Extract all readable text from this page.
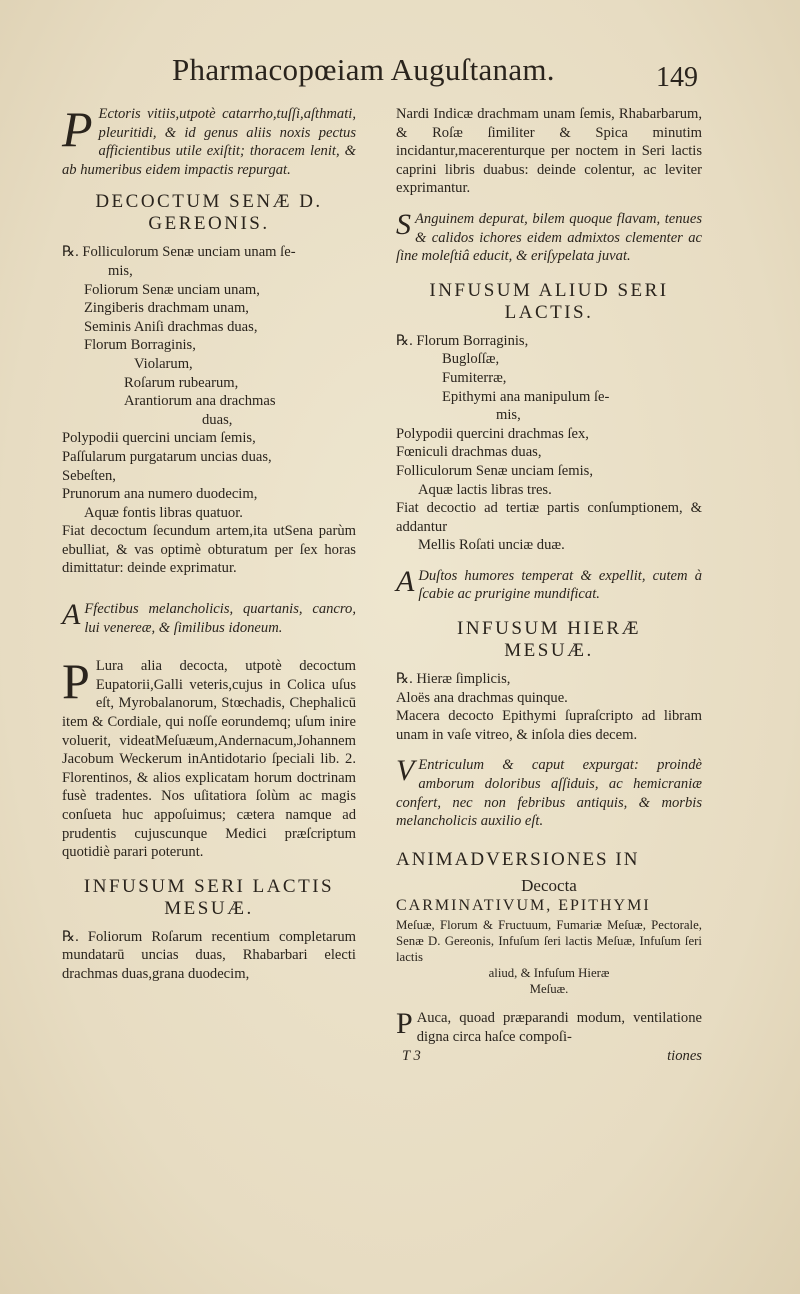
Pharmacopœiam Auguſtanam.	149
P Ectoris vitiis,utpotè catarrho,tuſſi,aſthmati, pleuritidi, & id genus aliis noxis pectus afficientibus utile exiſtit; thoracem lenit, & ab humeribus eidem impactis repurgat.
DECOCTUM SENÆ D.
GEREONIS.
℞. Folliculorum Senæ unciam unam ſe-
mis,
Foliorum Senæ unciam unam,
Zingiberis drachmam unam,
Seminis Aniſi drachmas duas,
Florum Borraginis,
Violarum,
Roſarum rubearum,
Arantiorum ana drachmas
duas,
Polypodii quercini unciam ſemis,
Paſſularum purgatarum uncias duas,
Sebeſten,
Prunorum ana numero duodecim,
Aquæ fontis libras quatuor.
Fiat decoctum ſecundum artem,ita utSena parùm ebulliat, & vas optimè obturatum per ſex horas dimittatur: deinde exprimatur.
A Ffectibus melancholicis, quartanis, cancro, lui venereæ, & ſimilibus idoneum.
P Lura alia decocta, utpotè decoctum Eupatorii,Galli veteris,cujus in Colica uſus eſt, Myrobalanorum, Stœchadis, Chephalicū item & Cordiale, qui noſſe eorundemq; uſum inire voluerit, videatMeſuæum,Andernacum,Johannem Jacobum Weckerum inAntidotario ſpeciali lib. 2. Florentinos, & alios explicatam horum doctrinam fusè tradentes. Nos uſitatiora ſolùm ac magis conſueta huc appoſuimus; cætera namque ad prudentis cujuscunque Medici præſcriptum quotidiè parari poterunt.
INFUSUM SERI LACTIS
MESUÆ.
℞. Foliorum Roſarum recentium completarum mundatarū uncias duas, Rhabarbari electi drachmas duas,grana duodecim,
Nardi Indicæ drachmam unam ſemis, Rhabarbarum, & Roſæ ſimiliter & Spica minutim incidantur,macerenturque per noctem in Seri lactis caprini libris duabus: deinde colentur, ac leviter exprimantur.
S Anguinem depurat, bilem quoque flavam, tenues & calidos ichores eidem admixtos clementer ac ſine moleſtiâ educit, & eriſypelata juvat.
INFUSUM ALIUD SERI
LACTIS.
℞. Florum Borraginis,
Bugloſſæ,
Fumiterræ,
Epithymi ana manipulum ſe-
mis,
Polypodii quercini drachmas ſex,
Fœniculi drachmas duas,
Folliculorum Senæ unciam ſemis,
Aquæ lactis libras tres.
Fiat decoctio ad tertiæ partis conſumptionem, & addantur
Mellis Roſati unciæ duæ.
A Duſtos humores temperat & expellit, cutem à ſcabie ac prurigine mundificat.
INFUSUM HIERÆ
MESUÆ.
℞. Hieræ ſimplicis,
Aloës ana drachmas quinque.
Macera decocto Epithymi ſupraſcripto ad libram unam in vaſe vitreo, & inſola dies decem.
V Entriculum & caput expurgat: proindè amborum doloribus aſſiduis, ac hemicraniæ confert, nec non febribus antiquis, & morbis melancholicis auxilio eſt.
ANIMADVERSIONES IN
Decocta
CARMINATIVUM, EPITHYMI
Meſuæ, Florum & Fructuum, Fumariæ Meſuæ, Pectorale, Senæ D. Gereonis, Infuſum ſeri lactis Meſuæ, Infuſum ſeri lactis
aliud, & Infuſum Hieræ
Meſuæ.
P Auca, quoad præparandi modum, ventilatione digna circa haſce compoſi-
T 3	tiones
